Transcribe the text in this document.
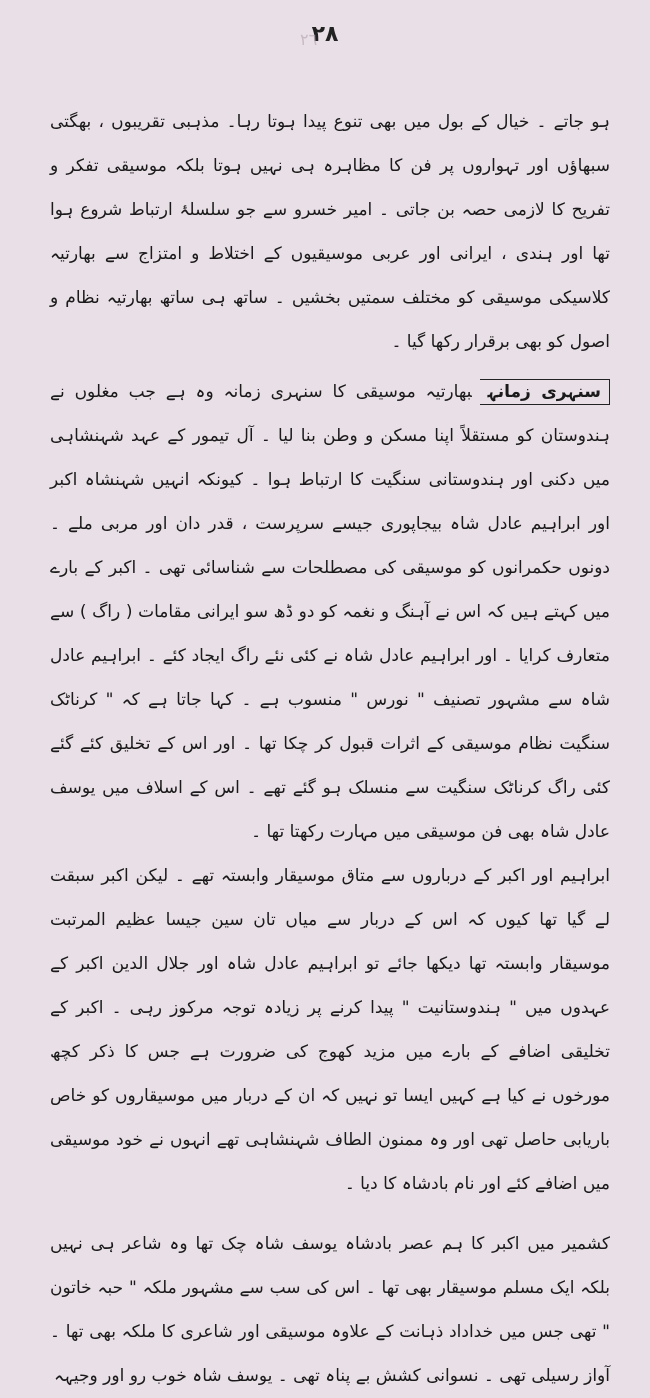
٢٨
٢٦

ہو جاتے ۔ خیال کے بول میں بھی تنوع پیدا ہوتا رہا۔ مذہبی تقریبوں ، بھگتی سبھاؤں اور تہواروں پر فن کا مظاہرہ ہی نہیں ہوتا بلکہ موسیقی تفکر و تفریح کا لازمی حصہ بن جاتی ۔ امیر خسرو سے جو سلسلۂ ارتباط شروع ہوا تھا اور ہندی ، ایرانی اور عربی موسیقیوں کے اختلاط و امتزاج سے بھارتیہ کلاسیکی موسیقی کو مختلف سمتیں بخشیں ۔ ساتھ ہی ساتھ بھارتیہ نظام و اصول کو بھی برقرار رکھا گیا ۔

سنہری زمانہبھارتیہ موسیقی کا سنہری زمانہ وہ ہے جب مغلوں نے ہندوستان کو مستقلاً اپنا مسکن و وطن بنا لیا ۔ آل تیمور کے عہد شہنشاہی میں دکنی اور ہندوستانی سنگیت کا ارتباط ہوا ۔ کیونکہ انہیں شہنشاہ اکبر اور ابراہیم عادل شاہ بیجاپوری جیسے سرپرست ، قدر دان اور مربی ملے ۔ دونوں حکمرانوں کو موسیقی کی مصطلحات سے شناسائی تھی ۔ اکبر کے بارے میں کہتے ہیں کہ اس نے آہنگ و نغمہ کو دو ڈھ سو ایرانی مقامات ( راگ ) سے متعارف کرایا ۔ اور ابراہیم عادل شاہ نے کئی نئے راگ ایجاد کئے ۔ ابراہیم عادل شاہ سے مشہور تصنیف " نورس " منسوب ہے ۔ کہا جاتا ہے کہ " کرناٹک سنگیت نظام موسیقی کے اثرات قبول کر چکا تھا ۔ اور اس کے تخلیق کئے گئے کئی راگ کرناٹک سنگیت سے منسلک ہو گئے تھے ۔ اس کے اسلاف میں یوسف عادل شاہ بھی فن موسیقی میں مہارت رکھتا تھا ۔

ابراہیم اور اکبر کے درباروں سے متاق موسیقار وابستہ تھے ۔ لیکن اکبر سبقت لے گیا تھا کیوں کہ اس کے دربار سے میاں تان سین جیسا عظیم المرتبت موسیقار وابستہ تھا دیکھا جائے تو ابراہیم عادل شاہ اور جلال الدین اکبر کے عہدوں میں " ہندوستانیت " پیدا کرنے پر زیادہ توجہ مرکوز رہی ۔ اکبر کے تخلیقی اضافے کے بارے میں مزید کھوج کی ضرورت ہے جس کا ذکر کچھ مورخوں نے کیا ہے کہیں ایسا تو نہیں کہ ان کے دربار میں موسیقاروں کو خاص باریابی حاصل تھی اور وہ ممنون الطاف شہنشاہی تھے انہوں نے خود موسیقی میں اضافے کئے اور نام بادشاہ کا دیا ۔

کشمیر میں اکبر کا ہم عصر بادشاہ یوسف شاہ چک تھا وہ شاعر ہی نہیں بلکہ ایک مسلم موسیقار بھی تھا ۔ اس کی سب سے مشہور ملکہ " حبہ خاتون " تھی جس میں خداداد ذہانت کے علاوہ موسیقی اور شاعری کا ملکہ بھی تھا ۔ آواز رسیلی تھی ۔ نسوانی کشش بے پناہ تھی ۔ یوسف شاہ خوب رو اور وجیہہ
